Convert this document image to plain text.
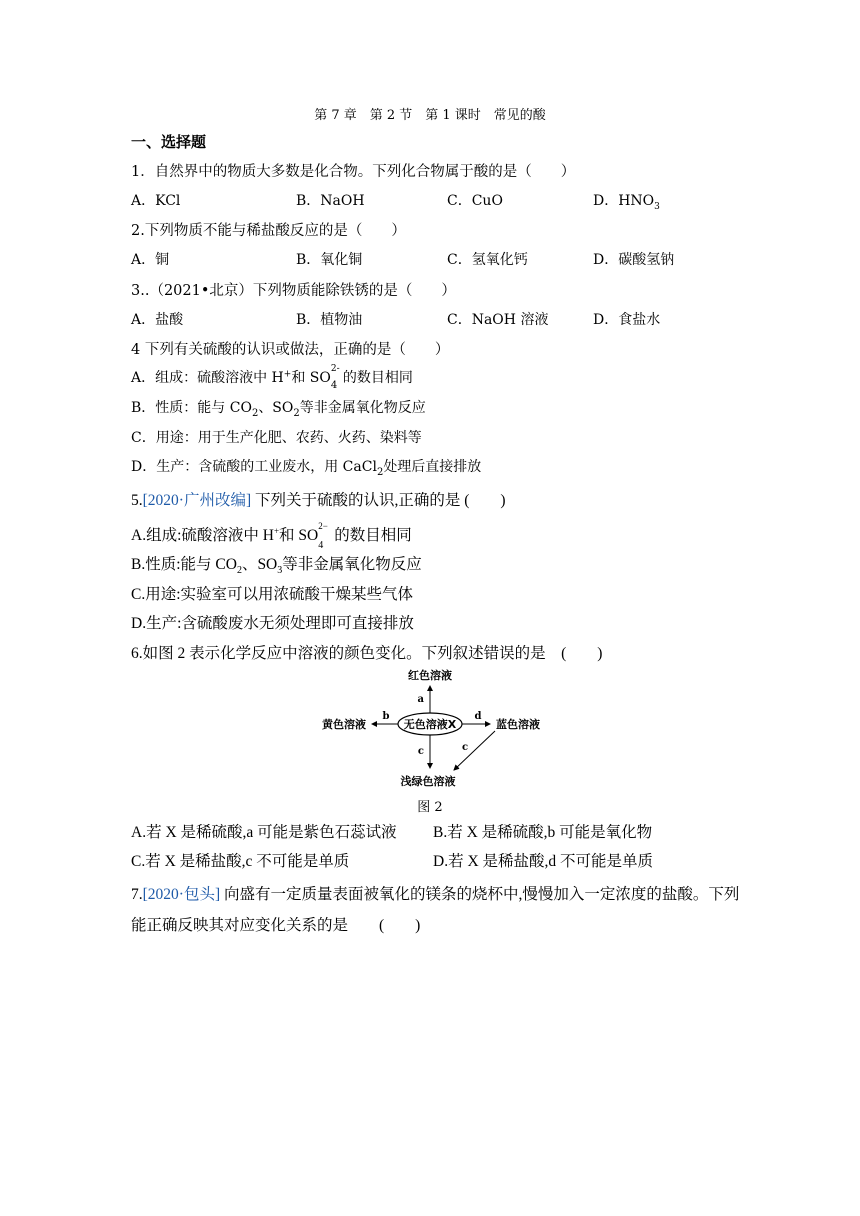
第 7 章　第 2 节　第 1 课时　常见的酸
一、选择题
1．自然界中的物质大多数是化合物。下列化合物属于酸的是（　　）
A．KCl	B．NaOH	C．CuO	D．$HNO_3$
2.下列物质不能与稀盐酸反应的是（　　）
A．铜	B．氧化铜	C．氢氧化钙	D．碳酸氢钠
3..（2021•北京）下列物质能除铁锈的是（　　）
A．盐酸	B．植物油	C．NaOH 溶液	D．食盐水
4 下列有关硫酸的认识或做法，正确的是（　　）
A．组成：硫酸溶液中 H+和 SO
2-
4 的数目相同
B．性质：能与 $CO_2$、$SO_2$等非金属氧化物反应
C．用途：用于生产化肥、农药、火药、染料等
D．生产：含硫酸的工业废水，用 CaCl$_2$处理后直接排放
5.[2020·广州改编] 下列关于硫酸的认识,正确的是 (　　)
A.组成:硫酸溶液中 H+和 SO
2−
4
的数目相同
B.性质:能与 $CO_2$、$SO_3$等非金属氧化物反应
C.用途:实验室可以用浓硫酸干燥某些气体
D.生产:含硫酸废水无须处理即可直接排放
6.如图 2 表示化学反应中溶液的颜色变化。下列叙述错误的是　(　　)
无色溶液X
a
红色溶液
b
黄色溶液
d
蓝色溶液
c	c
浅绿色溶液
图 2
A.若 X 是稀硫酸,a 可能是紫色石蕊试液 B.若 X 是稀硫酸,b 可能是氧化物
C.若 X 是稀盐酸,c 不可能是单质	D.若 X 是稀盐酸,d 不可能是单质
7.[2020·包头] 向盛有一定质量表面被氧化的镁条的烧杯中,慢慢加入一定浓度的盐酸。下列
能正确反映其对应变化关系的是　　(　　)
